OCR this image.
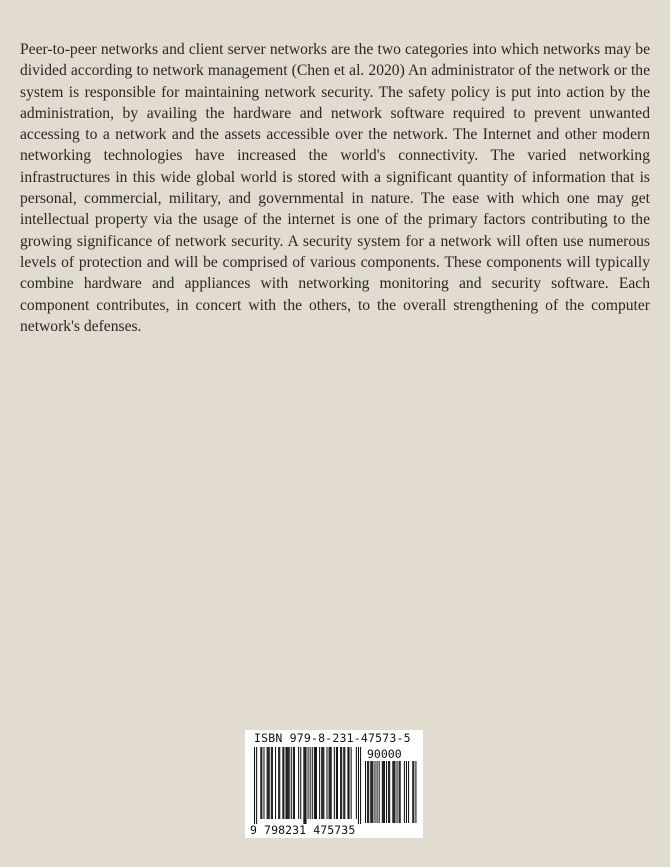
Peer-to-peer networks and client server networks are the two categories into which networks may be divided according to network management (Chen et al. 2020) An administrator of the network or the system is responsible for maintaining network security. The safety policy is put into action by the administration, by availing the hardware and network software required to prevent unwanted accessing to a network and the assets accessible over the network. The Internet and other modern networking technologies have increased the world's connectivity. The varied networking infrastructures in this wide global world is stored with a significant quantity of information that is personal, commercial, military, and governmental in nature. The ease with which one may get intellectual property via the usage of the internet is one of the primary factors contributing to the growing significance of network security. A security system for a network will often use numerous levels of protection and will be comprised of various components. These components will typically combine hardware and appliances with networking monitoring and security software. Each component contributes, in concert with the others, to the overall strengthening of the computer network's defenses.

ISBN 979-8-231-47573-5
90000
9 798231 475735
